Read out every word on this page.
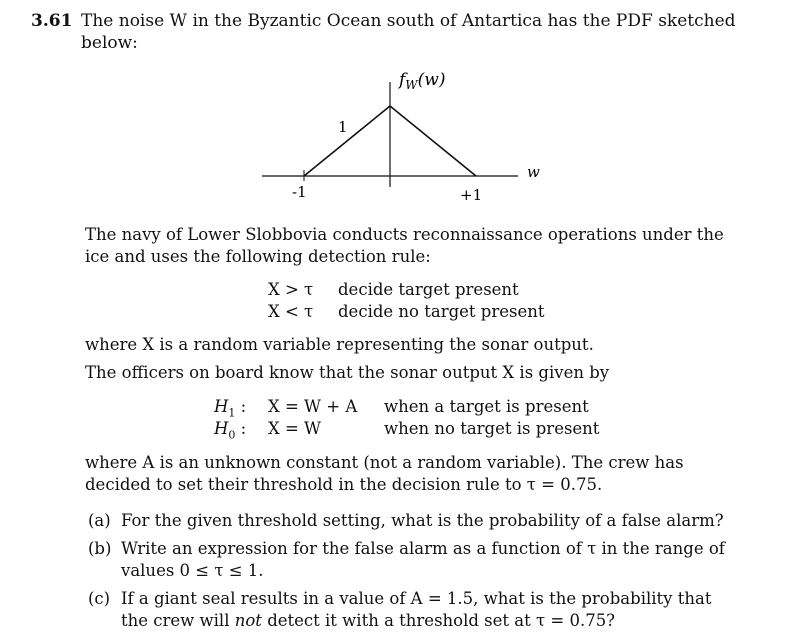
3.61 The noise W in the Byzantic Ocean south of Antartica has the PDF sketched below:
$f_W(w)$
1
w
-1	+1
The navy of Lower Slobbovia conducts reconnaissance operations under the ice and uses the following detection rule:
X > τ decide target present
X < τ decide no target present
where X is a random variable representing the sonar output.
The officers on board know that the sonar output X is given by
$H_1$ : X = W + A when a target is present
$H_0$ : X = W	when no target is present
where A is an unknown constant (not a random variable). The crew has decided to set their threshold in the decision rule to τ = 0.75.
(a) For the given threshold setting, what is the probability of a false alarm?
(b) Write an expression for the false alarm as a function of τ in the range of values 0 ≤ τ ≤ 1.
(c) If a giant seal results in a value of A = 1.5, what is the probability that the crew will not detect it with a threshold set at τ = 0.75?
